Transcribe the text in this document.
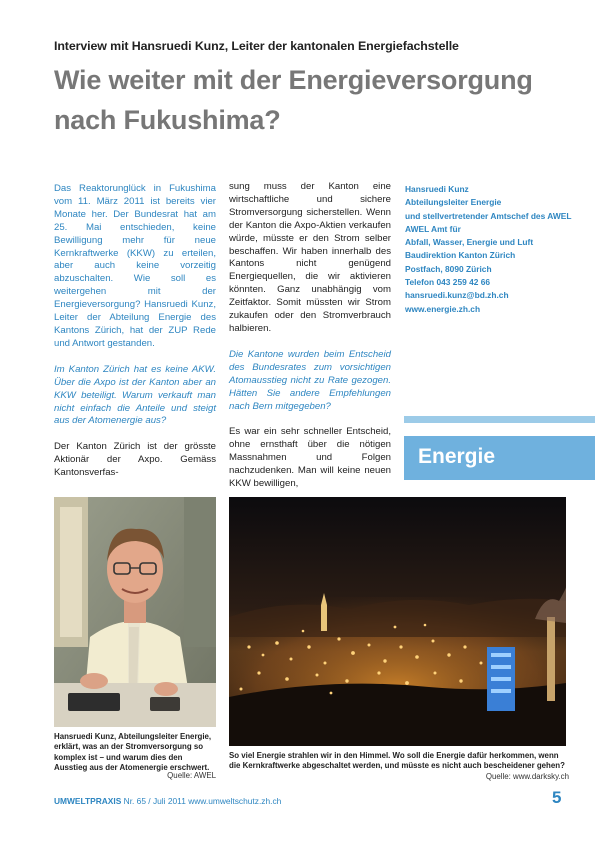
Interview mit Hansruedi Kunz, Leiter der kantonalen Energiefachstelle
Wie weiter mit der Energieversorgung
nach Fukushima?

Das Reaktorunglück in Fukushima vom 11. März 2011 ist bereits vier Monate her. Der Bundesrat hat am 25. Mai entschieden, keine Bewilligung mehr für neue Kernkraftwerke (KKW) zu erteilen, aber auch keine vorzeitig abzuschalten. Wie soll es weitergehen mit der Energieversorgung? Hansruedi Kunz, Leiter der Abteilung Energie des Kantons Zürich, hat der ZUP Rede und Antwort gestanden.

Im Kanton Zürich hat es keine AKW. Über die Axpo ist der Kanton aber an KKW beteiligt. Warum verkauft man nicht einfach die Anteile und steigt aus der Atomenergie aus?

Der Kanton Zürich ist der grösste Aktionär der Axpo. Gemäss Kantonsverfas-

sung muss der Kanton eine wirtschaftliche und sichere Stromversorgung sicherstellen. Wenn der Kanton die Axpo-Aktien verkaufen würde, müsste er den Strom selber beschaffen. Wir haben innerhalb des Kantons nicht genügend Energiequellen, die wir aktivieren könnten. Ganz unabhängig vom Zeitfaktor. Somit müssten wir Strom zukaufen oder den Stromverbrauch halbieren.

Die Kantone wurden beim Entscheid des Bundesrates zum vorsichtigen Atomausstieg nicht zu Rate gezogen. Hätten Sie andere Empfehlungen nach Bern mitgegeben?

Es war ein sehr schneller Entscheid, ohne ernsthaft über die nötigen Massnahmen und Folgen nachzudenken. Man will keine neuen KKW bewilligen,

Hansruedi Kunz
Abteilungsleiter Energie
und stellvertretender Amtschef des AWEL
AWEL Amt für
Abfall, Wasser, Energie und Luft
Baudirektion Kanton Zürich
Postfach, 8090 Zürich
Telefon 043 259 42 66
hansruedi.kunz@bd.zh.ch
www.energie.zh.ch
Energie
Hansruedi Kunz, Abteilungsleiter Energie, erklärt, was an der Stromversorgung so komplex ist – und warum dies den Ausstieg aus der Atomenergie erschwert.
Quelle: AWEL
So viel Energie strahlen wir in den Himmel. Wo soll die Energie dafür herkommen, wenn die Kernkraftwerke abgeschaltet werden, und müsste es nicht auch bescheidener gehen?
Quelle: www.darksky.ch
UMWELTPRAXIS Nr. 65 / Juli 2011 www.umweltschutz.zh.ch	5
